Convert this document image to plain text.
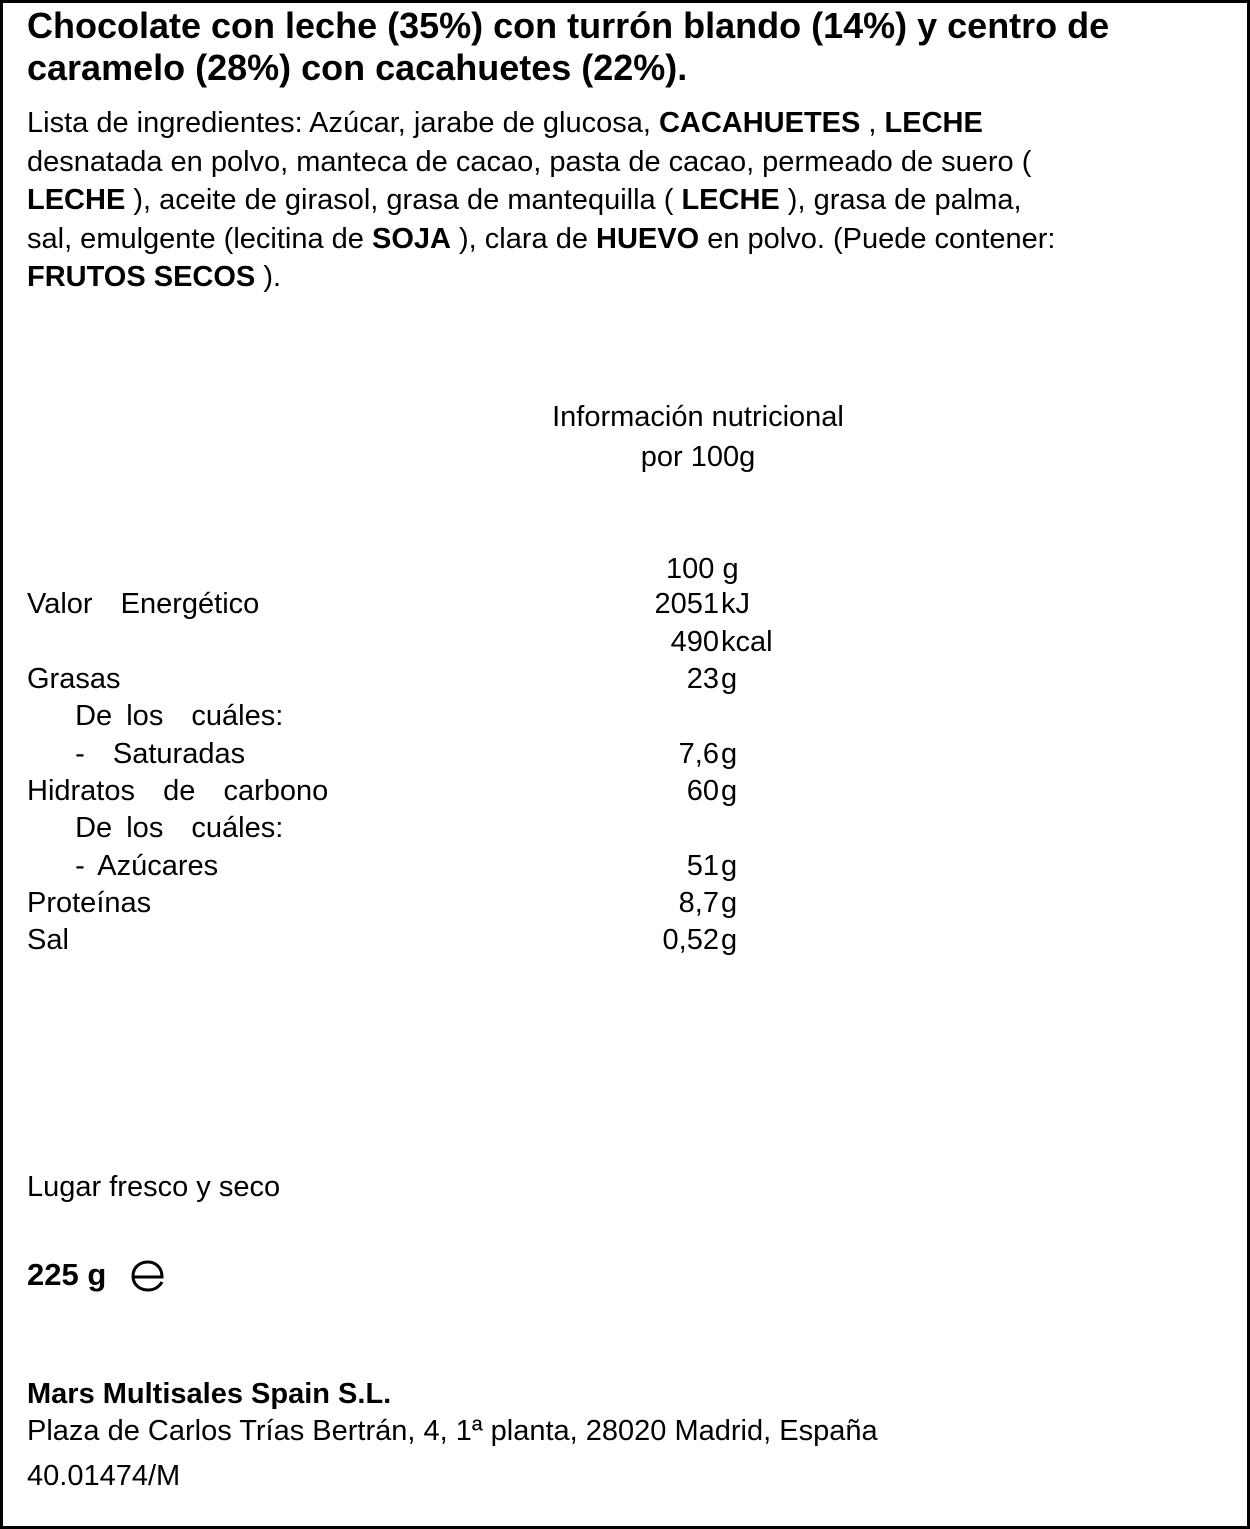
Chocolate con leche (35%) con turrón blando (14%) y centro de caramelo (28%) con cacahuetes (22%).
Lista de ingredientes: Azúcar, jarabe de glucosa, CACAHUETES , LECHE
desnatada en polvo, manteca de cacao, pasta de cacao, permeado de suero (
LECHE ), aceite de girasol, grasa de mantequilla ( LECHE ), grasa de palma,
sal, emulgente (lecitina de SOJA ), clara de HUEVO en polvo. (Puede contener:
FRUTOS SECOS ).
Información nutricional
por 100g
100 g
Valor  Energético	2051 kJ
490 kcal
Grasas	23 g
De los  cuáles:
-  Saturadas	7,6 g
Hidratos  de  carbono	60 g
De los  cuáles:
- Azúcares	51 g
Proteínas	8,7 g
Sal	0,52 g
Lugar fresco y seco
225 g
Mars Multisales Spain S.L.
Plaza de Carlos Trías Bertrán, 4, 1ª planta, 28020 Madrid, España
40.01474/M
